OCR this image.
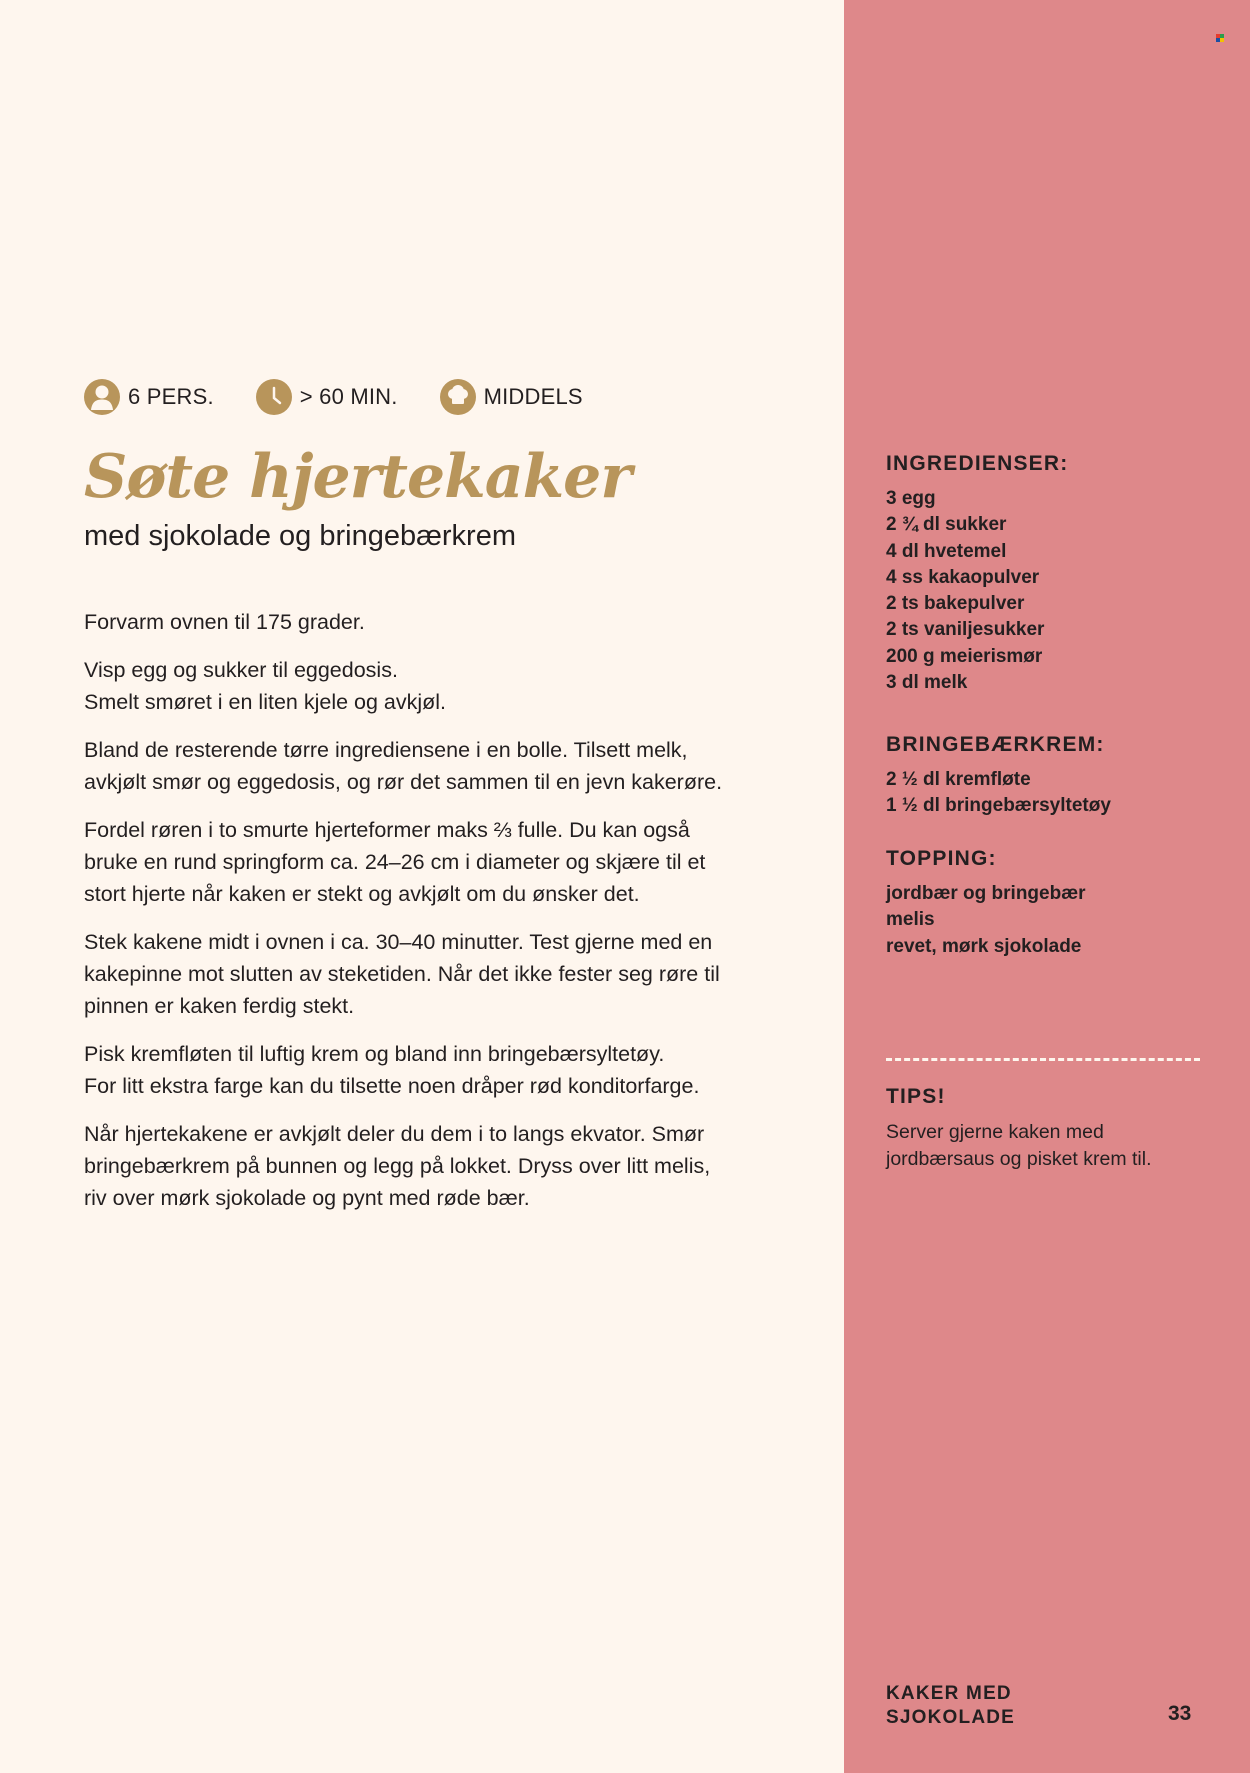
6 PERS.	> 60 MIN.	MIDDELS
Søte hjertekaker
med sjokolade og bringebærkrem

Forvarm ovnen til 175 grader.

Visp egg og sukker til eggedosis.
Smelt smøret i en liten kjele og avkjøl.

Bland de resterende tørre ingrediensene i en bolle. Tilsett melk,
avkjølt smør og eggedosis, og rør det sammen til en jevn kakerøre.

Fordel røren i to smurte hjerteformer maks ⅔ fulle. Du kan også
bruke en rund springform ca. 24–26 cm i diameter og skjære til et
stort hjerte når kaken er stekt og avkjølt om du ønsker det.

Stek kakene midt i ovnen i ca. 30–40 minutter. Test gjerne med en
kakepinne mot slutten av steketiden. Når det ikke fester seg røre til
pinnen er kaken ferdig stekt.

Pisk kremfløten til luftig krem og bland inn bringebærsyltetøy.
For litt ekstra farge kan du tilsette noen dråper rød konditorfarge.

Når hjertekakene er avkjølt deler du dem i to langs ekvator. Smør
bringebærkrem på bunnen og legg på lokket. Dryss over litt melis,
riv over mørk sjokolade og pynt med røde bær.

INGREDIENSER:

3 egg
2 ¾ dl sukker
4 dl hvetemel
4 ss kakaopulver
2 ts bakepulver
2 ts vaniljesukker
200 g meierismør
3 dl melk

BRINGEBÆRKREM:

2 ½ dl kremfløte
1 ½ dl bringebærsyltetøy

TOPPING:

jordbær og bringebær
melis
revet, mørk sjokolade

TIPS!

Server gjerne kaken med
jordbærsaus og pisket krem til.
KAKER MED
SJOKOLADE	33
